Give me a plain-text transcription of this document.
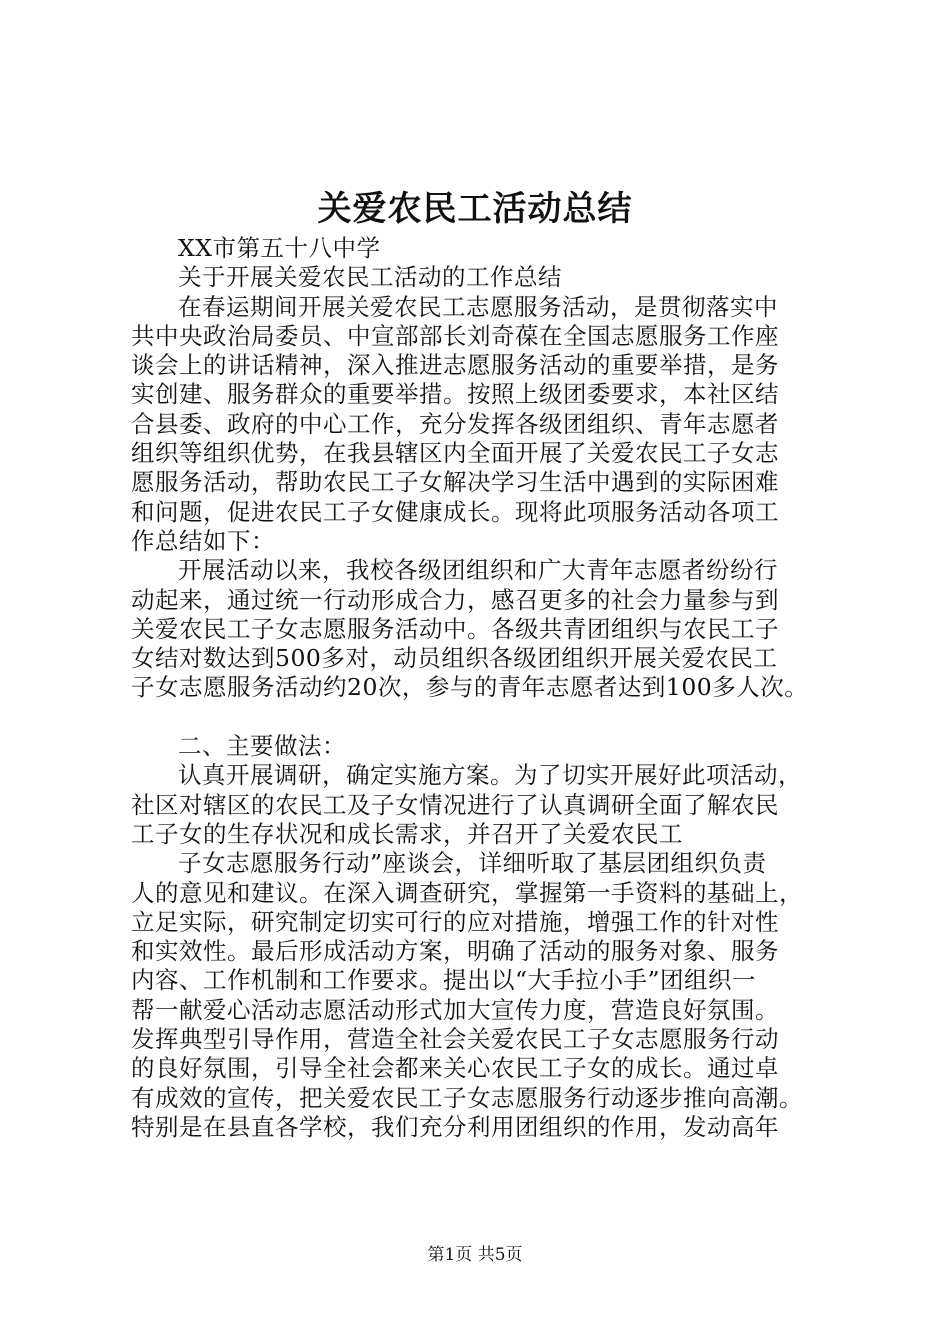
关爱农民工活动总结
XX市第五十八中学
关于开展关爱农民工活动的工作总结
在春运期间开展关爱农民工志愿服务活动，是贯彻落实中
共中央政治局委员、中宣部部长刘奇葆在全国志愿服务工作座
谈会上的讲话精神，深入推进志愿服务活动的重要举措，是务
实创建、服务群众的重要举措。按照上级团委要求，本社区结
合县委、政府的中心工作，充分发挥各级团组织、青年志愿者
组织等组织优势，在我县辖区内全面开展了关爱农民工子女志
愿服务活动，帮助农民工子女解决学习生活中遇到的实际困难
和问题，促进农民工子女健康成长。现将此项服务活动各项工
作总结如下：
开展活动以来，我校各级团组织和广大青年志愿者纷纷行
动起来，通过统一行动形成合力，感召更多的社会力量参与到
关爱农民工子女志愿服务活动中。各级共青团组织与农民工子
女结对数达到500多对，动员组织各级团组织开展关爱农民工
子女志愿服务活动约20次，参与的青年志愿者达到100多人次。
二、主要做法：
认真开展调研，确定实施方案。为了切实开展好此项活动，
社区对辖区的农民工及子女情况进行了认真调研全面了解农民
工子女的生存状况和成长需求，并召开了关爱农民工
子女志愿服务行动”座谈会，详细听取了基层团组织负责
人的意见和建议。在深入调查研究，掌握第一手资料的基础上，
立足实际，研究制定切实可行的应对措施，增强工作的针对性
和实效性。最后形成活动方案，明确了活动的服务对象、服务
内容、工作机制和工作要求。提出以“大手拉小手”团组织一
帮一献爱心活动志愿活动形式加大宣传力度，营造良好氛围。
发挥典型引导作用，营造全社会关爱农民工子女志愿服务行动
的良好氛围，引导全社会都来关心农民工子女的成长。通过卓
有成效的宣传，把关爱农民工子女志愿服务行动逐步推向高潮。
特别是在县直各学校，我们充分利用团组织的作用，发动高年
第1页 共5页
